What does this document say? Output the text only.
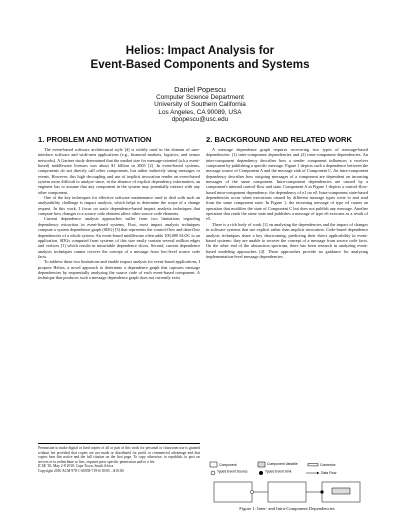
Helios: Impact Analysis for
Event-Based Components and Systems
Daniel Popescu
Computer Science Department
University of Southern California
Los Angeles, CA 90089, USA
dpopescu@usc.edu
1. PROBLEM AND MOTIVATION

The event-based software architectural style [4] is widely used in the domain of user-interface software and wide-area applications (e.g., financial markets, logistics, and sensor networks). A Gartner study determined that the market size for message-oriented (a.k.a event-based) middleware licenses was about $1 billion in 2005 [2]. In event-based systems, components do not directly call other components, but rather indirectly using messages or events. However, this high decoupling and use of implicit invocation render an event-based system more difficult to analyze since, in the absence of explicit dependency information, an engineer has to assume that any component in the system may potentially interact with any other component.

One of the key techniques for effective software maintenance used to deal with such an analyzability challenge is impact analysis, which helps to determine the scope of a change request. In this work, I focus on static dependence-based impact analysis techniques that compute how changes to a source code element affect other source code elements.

Current dependence analysis approaches suffer from two limitations regarding dependency extraction in event-based systems. First, most impact analysis techniques compute a system dependence graph (SDG) [3] that represents the control-flow and data-flow dependencies of a whole system. An event-based middleware often adds 100,000 SLOC to an application. SDGs computed from systems of this size easily contain several million edges and vertices [1] which results in intractable dependence slices. Second, current dependence analysis techniques cannot recover the concept of a message from low-level source code facts.

To address these two limitations and enable impact analysis for event-based applications, I propose Helios, a novel approach to determine a dependence graph that captures message dependencies by sequentially analyzing the source code of each event-based component. A technique that produces such a message dependence graph does not currently exist.

Permission to make digital or hard copies of all or part of this work for personal or classroom use is granted without fee provided that copies are not made or distributed for profit or commercial advantage and that copies bear this notice and the full citation on the first page. To copy otherwise, to republish, to post on servers or to redistribute to lists, requires prior specific permission and/or a fee.
ICSE '10, May 2-8 2010, Cape Town, South Africa
Copyright 2010 ACM 978-1-60558-719-6/10/05 ...$10.00.
2. BACKGROUND AND RELATED WORK

A message dependence graph requires recovering two types of message-based dependencies: (1) inter-component dependencies and (2) intra-component dependencies. An inter-component dependency describes how a sender component influences a receiver component by publishing a specific message. Figure 1 depicts such a dependence between the message source of Component A and the message sink of Component C. An intra-component dependency describes how outgoing messages of a component are dependent on incoming messages of the same component. Intra-component dependencies are caused by a component's internal control-flow and state. Component A in Figure 1 depicts a control-flow-based intra-component dependency: the dependency of e1 on e0. Intra-component state-based dependencies occur when executions caused by different message types write to and read from the same component state. In Figure 1, the incoming message of type e4 causes an operation that modifies the state of Component C but does not publish any message. Another operation that reads the same state and publishes a message of type e6 executes as a result of e5.

There is a rich body of work [1] on analyzing the dependencies and the impact of changes in software systems that use explicit rather than implicit invocation. Code-based dependence analysis techniques share a key shortcoming, predicting their direct applicability in event-based systems: they are unable to recover the concept of a message from source code facts. On the other end of the abstraction spectrum, there has been research in analyzing event-based modeling approaches [4]. Those approaches provide no guidance for analyzing implementation-level message dependencies.

Component	Component Variable	Connector
Typed Event Source	Typed Event Sink	Data Flow
Figure 1: Inter- and Intra-Component Dependencies
